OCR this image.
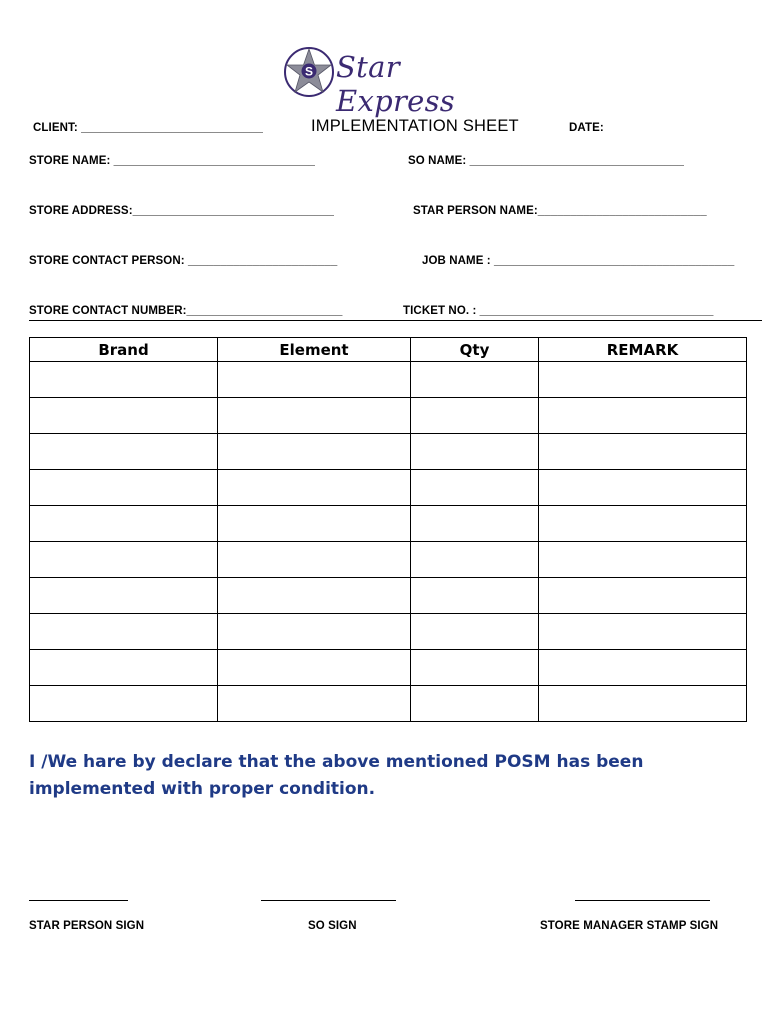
S Star Express
CLIENT: ____________________________	IMPLEMENTATION SHEET	DATE:
STORE NAME: _______________________________	SO NAME: _________________________________
STORE ADDRESS:_______________________________	STAR PERSON NAME:__________________________
STORE CONTACT PERSON: _______________________	JOB NAME : _____________________________________
STORE CONTACT NUMBER:________________________	TICKET NO. : ____________________________________
Brand	Element	Qty	REMARK

I /We hare by declare that the above mentioned POSM has been implemented with proper condition.
STAR PERSON SIGN	SO SIGN	STORE MANAGER STAMP SIGN
